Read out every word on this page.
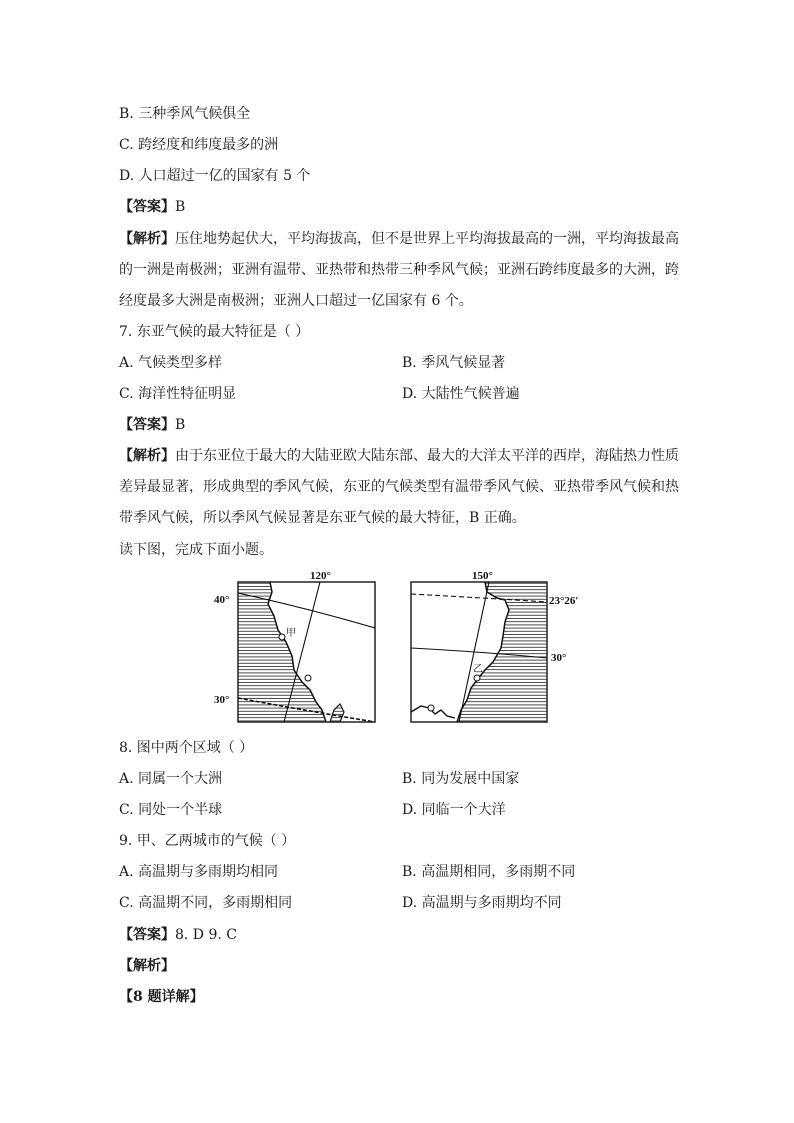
B. 三种季风气候俱全
C. 跨经度和纬度最多的洲
D. 人口超过一亿的国家有 5 个
【答案】B
【解析】压住地势起伏大，平均海拔高，但不是世界上平均海拔最高的一洲，平均海拔最高
的一洲是南极洲；亚洲有温带、亚热带和热带三种季风气候；亚洲石跨纬度最多的大洲，跨
经度最多大洲是南极洲；亚洲人口超过一亿国家有 6 个。
7. 东亚气候的最大特征是（ ）
A. 气候类型多样	B. 季风气候显著
C. 海洋性特征明显	D. 大陆性气候普遍
【答案】B
【解析】由于东亚位于最大的大陆亚欧大陆东部、最大的大洋太平洋的西岸，海陆热力性质
差异最显著，形成典型的季风气候，东亚的气候类型有温带季风气候、亚热带季风气候和热
带季风气候，所以季风气候显著是东亚气候的最大特征，B 正确。
读下图，完成下面小题。
120°
40°
30°
甲
150°
23°26′
30°
乙
8. 图中两个区域（ ）
A. 同属一个大洲	B. 同为发展中国家
C. 同处一个半球	D. 同临一个大洋
9. 甲、乙两城市的气候（ ）
A. 高温期与多雨期均相同	B. 高温期相同，多雨期不同
C. 高温期不同，多雨期相同	D. 高温期与多雨期均不同
【答案】8. D 9. C
【解析】
【8 题详解】
